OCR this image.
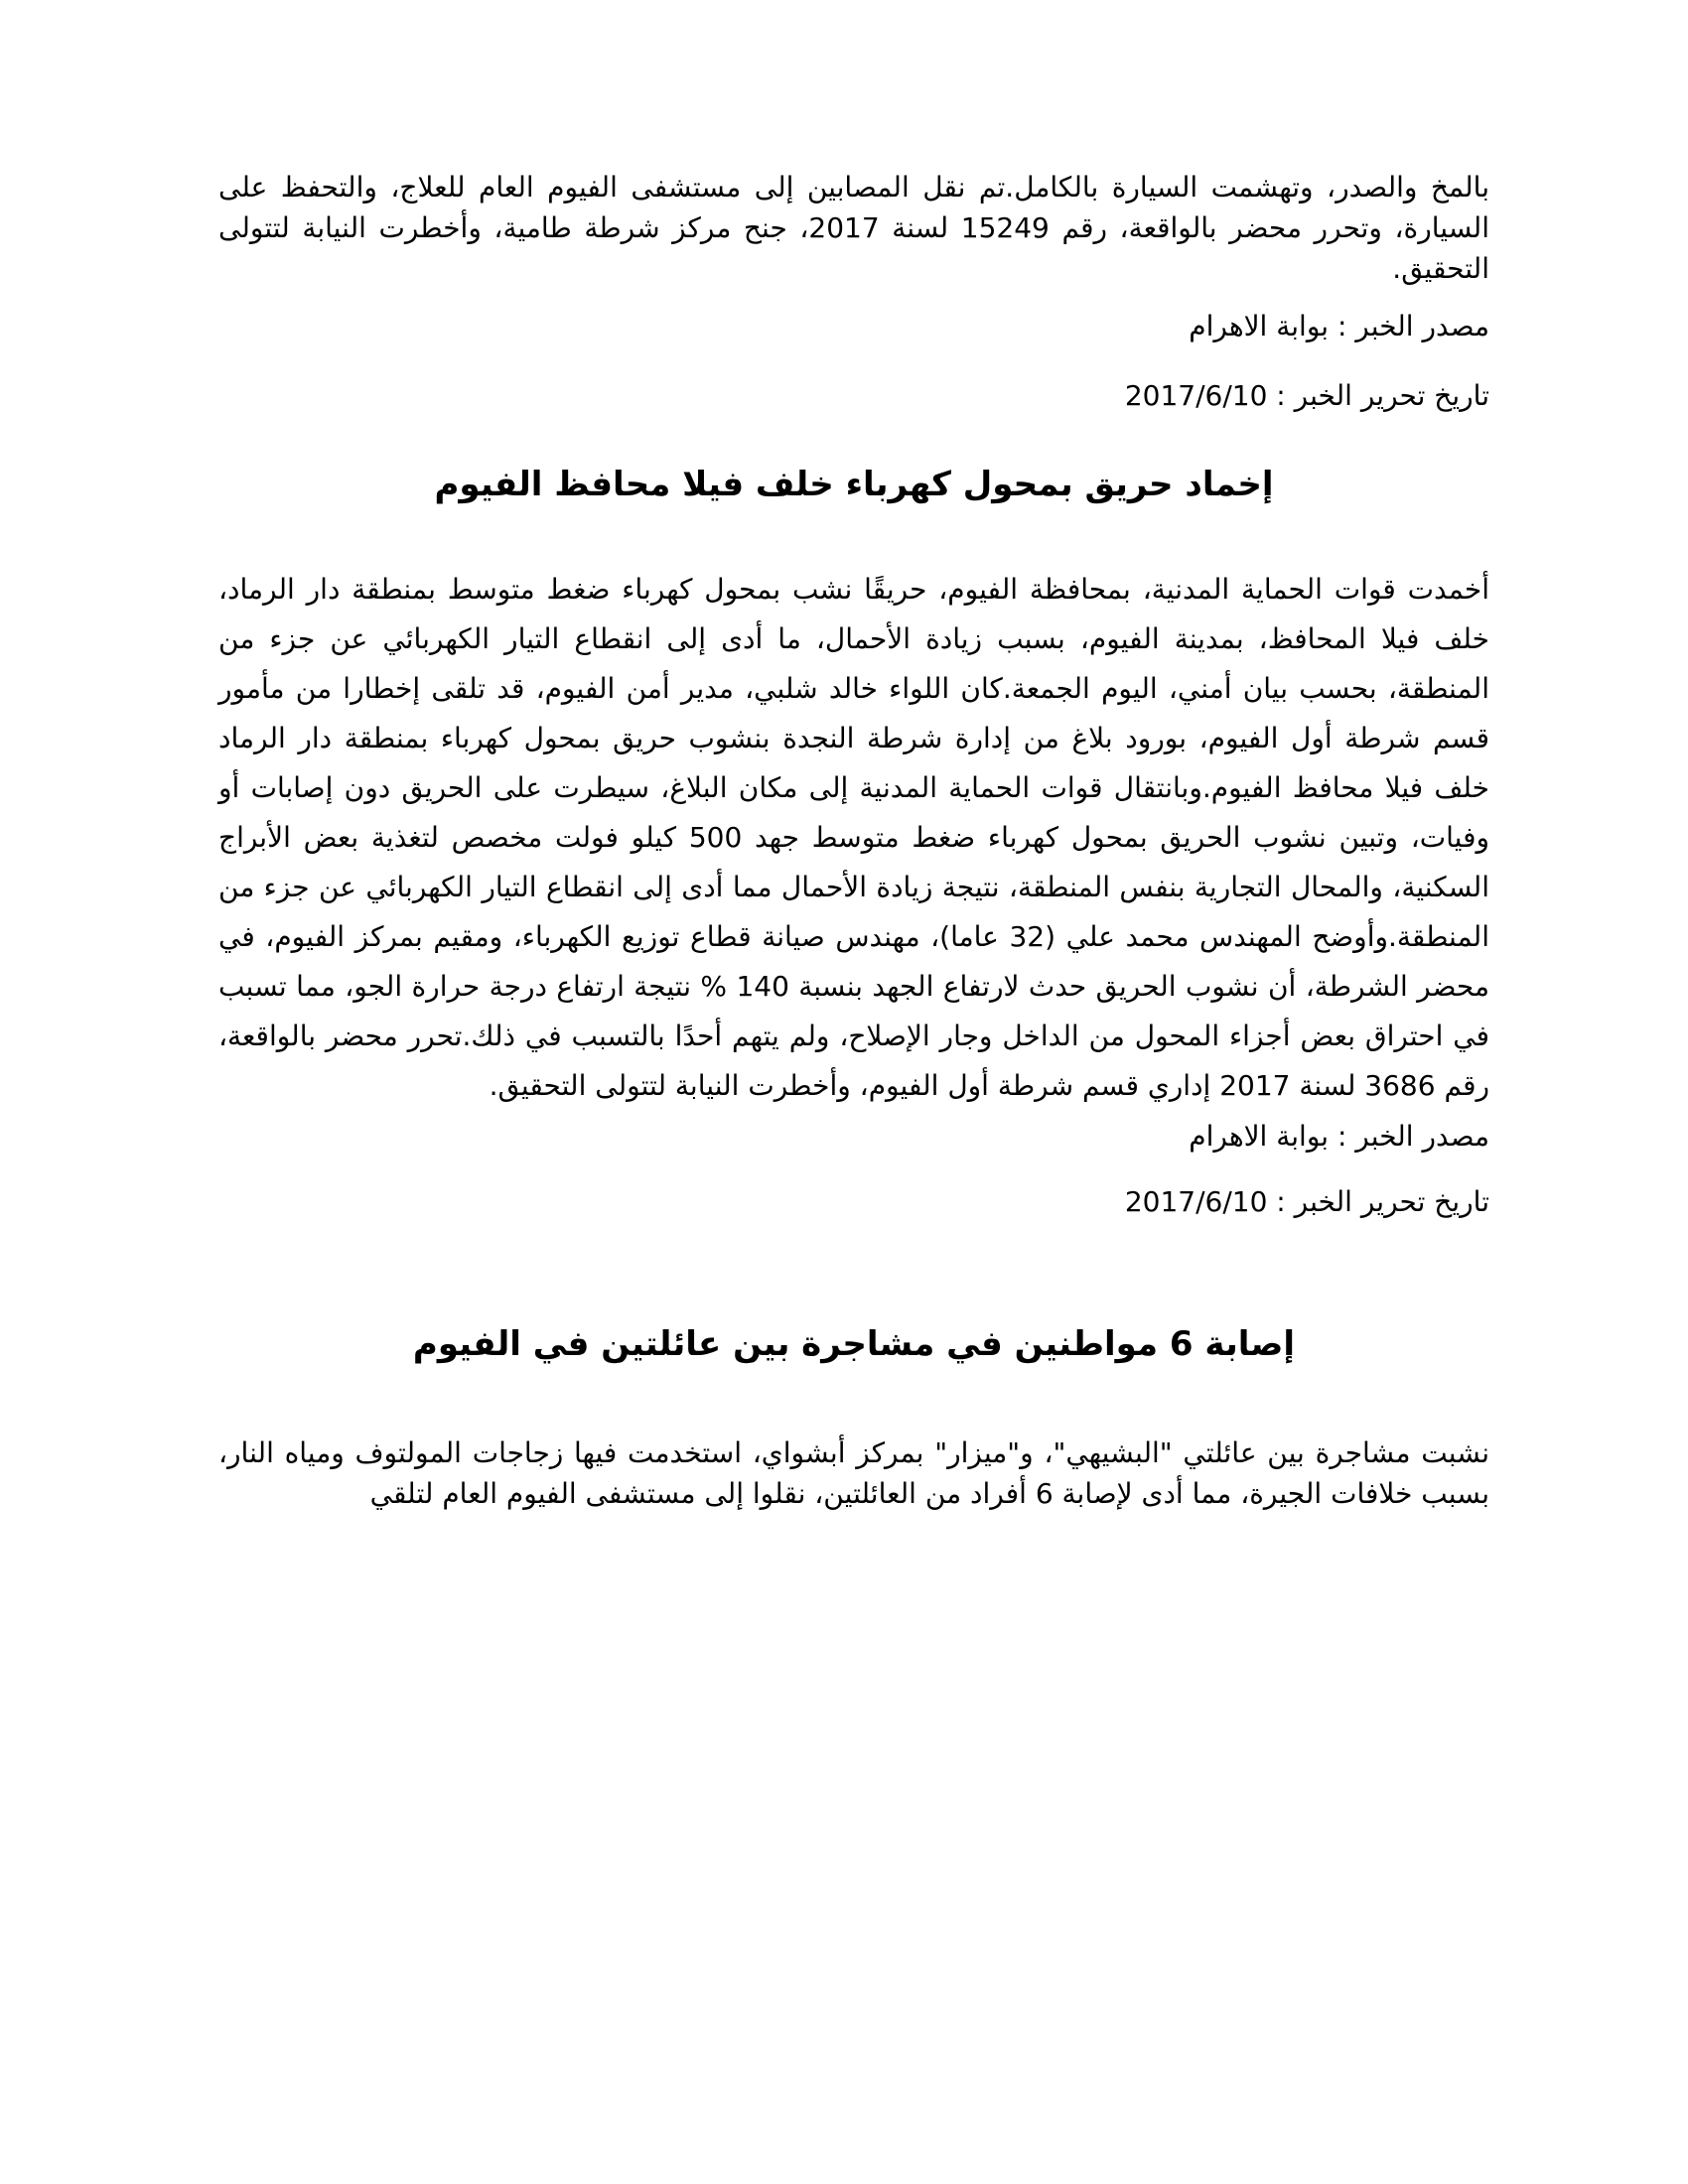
بالمخ والصدر، وتهشمت السيارة بالكامل.تم نقل المصابين إلى مستشفى الفيوم العام للعلاج، والتحفظ على السيارة، وتحرر محضر بالواقعة، رقم 15249 لسنة 2017، جنح مركز شرطة طامية، وأخطرت النيابة لتتولى التحقيق.

مصدر الخبر : بوابة الاهرام

تاريخ تحرير الخبر : 2017/6/10

إخماد حريق بمحول كهرباء خلف فيلا محافظ الفيوم

أخمدت قوات الحماية المدنية، بمحافظة الفيوم، حريقًا نشب بمحول كهرباء ضغط متوسط بمنطقة دار الرماد، خلف فيلا المحافظ، بمدينة الفيوم، بسبب زيادة الأحمال، ما أدى إلى انقطاع التيار الكهربائي عن جزء من المنطقة، بحسب بيان أمني، اليوم الجمعة.كان اللواء خالد شلبي، مدير أمن الفيوم، قد تلقى إخطارا من مأمور قسم شرطة أول الفيوم، بورود بلاغ من إدارة شرطة النجدة بنشوب حريق بمحول كهرباء بمنطقة دار الرماد خلف فيلا محافظ الفيوم.وبانتقال قوات الحماية المدنية إلى مكان البلاغ، سيطرت على الحريق دون إصابات أو وفيات، وتبين نشوب الحريق بمحول كهرباء ضغط متوسط جهد 500 كيلو فولت مخصص لتغذية بعض الأبراج السكنية، والمحال التجارية بنفس المنطقة، نتيجة زيادة الأحمال مما أدى إلى انقطاع التيار الكهربائي عن جزء من المنطقة.وأوضح المهندس محمد علي (32 عاما)، مهندس صيانة قطاع توزيع الكهرباء، ومقيم بمركز الفيوم، في محضر الشرطة، أن نشوب الحريق حدث لارتفاع الجهد بنسبة 140 % نتيجة ارتفاع درجة حرارة الجو، مما تسبب في احتراق بعض أجزاء المحول من الداخل وجار الإصلاح، ولم يتهم أحدًا بالتسبب في ذلك.تحرر محضر بالواقعة، رقم 3686 لسنة 2017 إداري قسم شرطة أول الفيوم، وأخطرت النيابة لتتولى التحقيق.

مصدر الخبر : بوابة الاهرام

تاريخ تحرير الخبر : 2017/6/10

إصابة 6 مواطنين في مشاجرة بين عائلتين في الفيوم

نشبت مشاجرة بين عائلتي "البشيهي"، و"ميزار" بمركز أبشواي، استخدمت فيها زجاجات المولتوف ومياه النار، بسبب خلافات الجيرة، مما أدى لإصابة 6 أفراد من العائلتين، نقلوا إلى مستشفى الفيوم العام لتلقي
